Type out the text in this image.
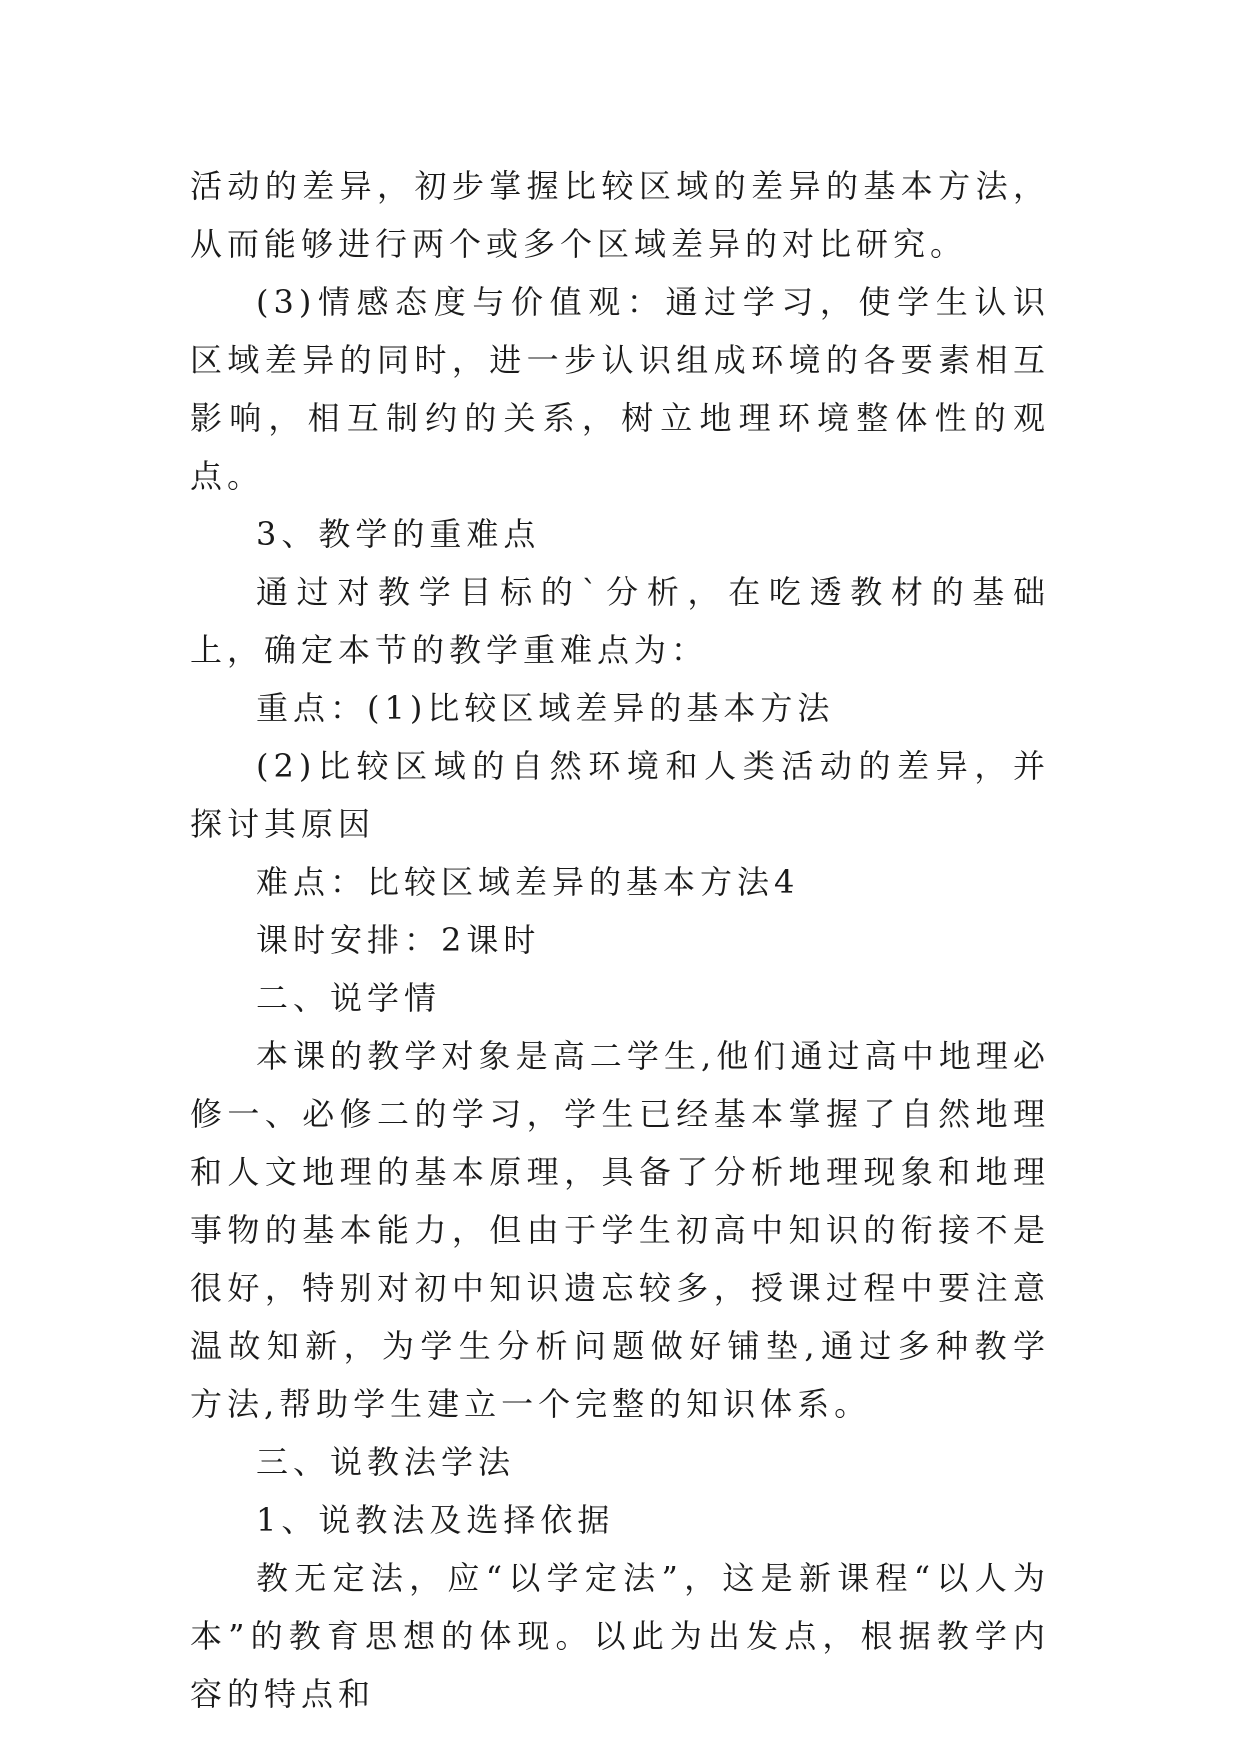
活动的差异，初步掌握比较区域的差异的基本方法，从而能够进行两个或多个区域差异的对比研究。

(3)情感态度与价值观：通过学习，使学生认识区域差异的同时，进一步认识组成环境的各要素相互影响，相互制约的关系，树立地理环境整体性的观点。

3、教学的重难点

通过对教学目标的`分析，在吃透教材的基础上，确定本节的教学重难点为：

重点：(1)比较区域差异的基本方法

(2)比较区域的自然环境和人类活动的差异，并探讨其原因

难点：比较区域差异的基本方法4

课时安排：2课时

二、说学情

本课的教学对象是高二学生,他们通过高中地理必修一、必修二的学习，学生已经基本掌握了自然地理和人文地理的基本原理，具备了分析地理现象和地理事物的基本能力，但由于学生初高中知识的衔接不是很好，特别对初中知识遗忘较多，授课过程中要注意温故知新，为学生分析问题做好铺垫,通过多种教学方法,帮助学生建立一个完整的知识体系。

三、说教法学法

1、说教法及选择依据

教无定法，应“以学定法”，这是新课程“以人为本”的教育思想的体现。以此为出发点，根据教学内容的特点和
